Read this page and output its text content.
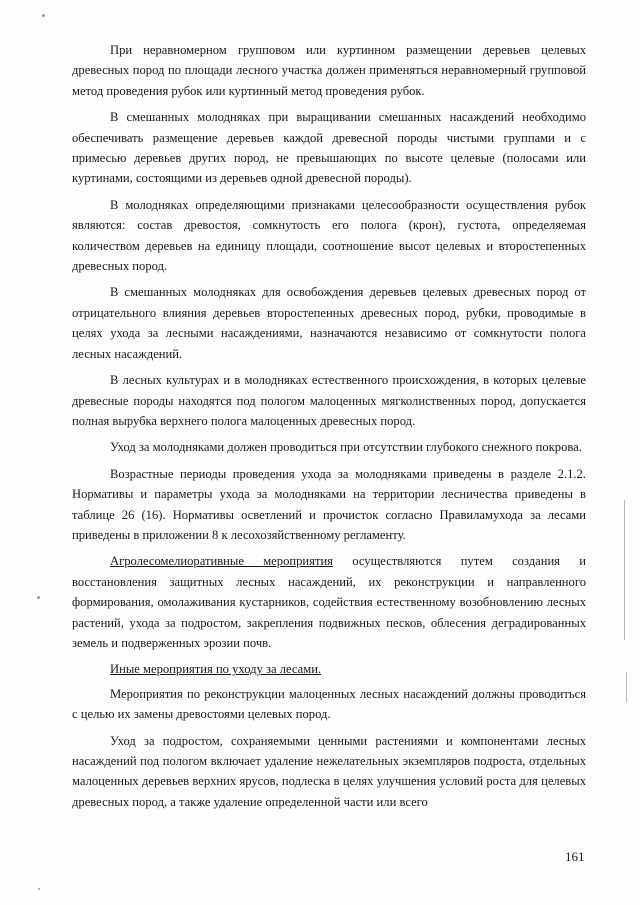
При неравномерном групповом или куртинном размещении деревьев целевых древесных пород по площади лесного участка должен применяться неравномерный групповой метод проведения рубок или куртинный метод проведения рубок.

В смешанных молодняках при выращивании смешанных насаждений необходимо обеспечивать размещение деревьев каждой древесной породы чистыми группами и с примесью деревьев других пород, не превышающих по высоте целевые (полосами или куртинами, состоящими из деревьев одной древесной породы).

В молодняках определяющими признаками целесообразности осуществления рубок являются: состав древостоя, сомкнутость его полога (крон), густота, определяемая количеством деревьев на единицу площади, соотношение высот целевых и второстепенных древесных пород.

В смешанных молодняках для освобождения деревьев целевых древесных пород от отрицательного влияния деревьев второстепенных древесных пород, рубки, проводимые в целях ухода за лесными насаждениями, назначаются независимо от сомкнутости полога лесных насаждений.

В лесных культурах и в молодняках естественного происхождения, в которых целевые древесные породы находятся под пологом малоценных мягколиственных пород, допускается полная вырубка верхнего полога малоценных древесных пород.

Уход за молодняками должен проводиться при отсутствии глубокого снежного покрова.

Возрастные периоды проведения ухода за молодняками приведены в разделе 2.1.2. Нормативы и параметры ухода за молодняками на территории лесничества приведены в таблице 26 (16). Нормативы осветлений и прочисток согласно Правиламухода за лесами приведены в приложении 8 к лесохозяйственному регламенту.

Агролесомелиоративные мероприятия осуществляются путем создания и восстановления защитных лесных насаждений, их реконструкции и направленного формирования, омолаживания кустарников, содействия естественному возобновлению лесных растений, ухода за подростом, закрепления подвижных песков, облесения деградированных земель и подверженных эрозии почв.

Иные мероприятия по уходу за лесами.

Мероприятия по реконструкции малоценных лесных насаждений должны проводиться с целью их замены древостоями целевых пород.

Уход за подростом, сохраняемыми ценными растениями и компонентами лесных насаждений под пологом включает удаление нежелательных экземпляров подроста, отдельных малоценных деревьев верхних ярусов, подлеска в целях улучшения условий роста для целевых древесных пород, а также удаление определенной части или всего

161
